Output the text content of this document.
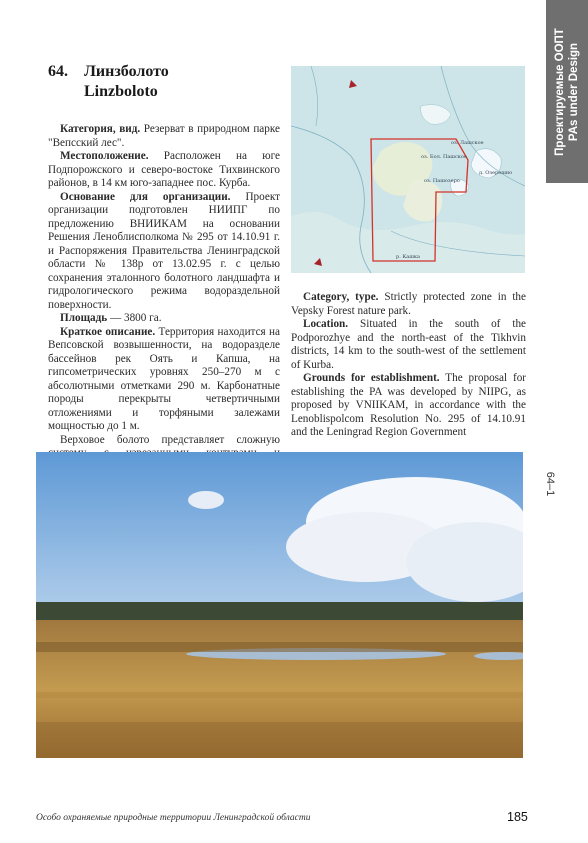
Проектируемые ООПТ PAs under Design
64. Линзболото
Linzboloto
оз. Лашское
оз. Бол. Пашское
оз. Пашозеро
д. Озерешно
р. Кашка

Категория, вид. Резерват в природном парке "Вепсский лес".

Местоположение. Расположен на юге Подпорожского и северо-востоке Тихвинского районов, в 14 км юго-западнее пос. Курба.

Основание для организации. Проект организации подготовлен НИИПГ по предложению ВНИИКАМ на основании Решения Леноблисполкома № 295 от 14.10.91 г. и Распоряжения Правительства Ленинградской области № 138р от 13.02.95 г. с целью сохранения эталонного болотного ландшафта и гидрологического режима водораздельной поверхности.

Площадь — 3800 га.

Краткое описание. Территория находится на Вепсовской возвышенности, на водоразделе бассейнов рек Оять и Капша, на гипсометрических уровнях 250–270 м с абсолютными отметками 290 м. Карбонатные породы перекрыты четвертичными отложениями и торфяными залежами мощностью до 1 м.

Верховое болото представляет сложную

Category, type. Strictly protected zone in the Vepsky Forest nature park.

Location. Situated in the south of the Podporozhye and the north-east of the Tikhvin districts, 14 km to the south-west of the settlement of Kurba.

Grounds for establishment. The proposal for establishing the PA was developed by NIIPG, as proposed by VNIIKAM, in accordance with the Lenoblispolcom Resolution No. 295 of 14.10.91 and the Leningrad Region Government

64–1
Особо охраняемые природные территории Ленинградской области	185
